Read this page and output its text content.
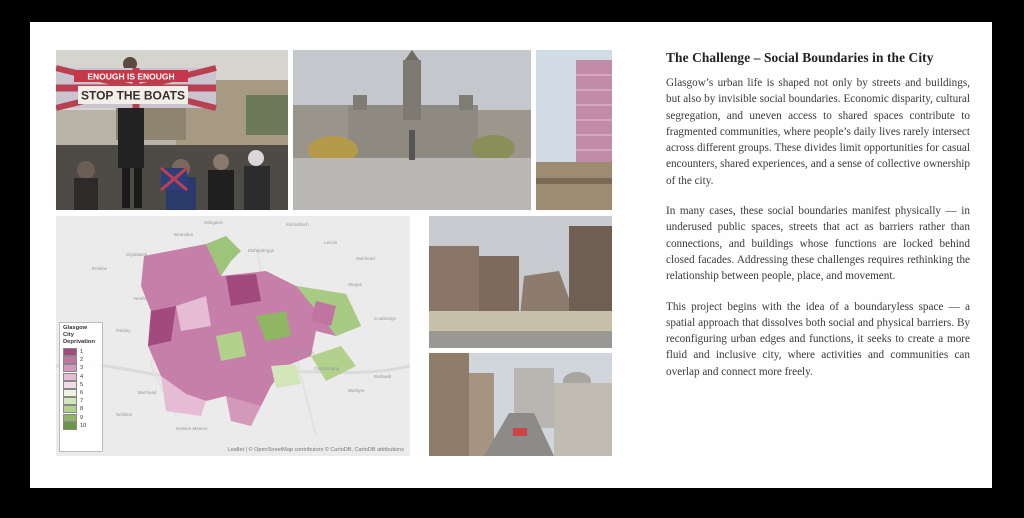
ENOUGH IS ENOUGH
STOP THE BOATS
Milngavie	Kirkintilloch
Bearsden
Lenzie
Clydebank
Bishopbriggs
Stepps
Erskine
Muirhead
Renfrew
Paisley
Coatbridge
Barrhead
Rutherglen
Cambuslang
Newton Mearns
Blantyre
Bothwell
Neilston
Glasgow
City
Deprivation
1
2
3
4
5
6
7
8
9
10
Leaflet | © OpenStreetMap contributors © CartoDB, CartoDB attributions
The Challenge – Social Boundaries in the City

Glasgow’s urban life is shaped not only by streets and buildings, but also by invisible social boundaries. Economic disparity, cultural segregation, and uneven access to shared spaces contribute to fragmented communities, where people’s daily lives rarely intersect across different groups. These divides limit opportunities for casual encounters, shared experiences, and a sense of collective ownership of the city.

In many cases, these social boundaries manifest physically — in underused public spaces, streets that act as barriers rather than connections, and buildings whose functions are locked behind closed facades. Addressing these challenges requires rethinking the relationship between people, place, and movement.

This project begins with the idea of a boundaryless space — a spatial approach that dissolves both social and physical barriers. By reconfiguring urban edges and functions, it seeks to create a more fluid and inclusive city, where activities and communities can overlap and connect more freely.
